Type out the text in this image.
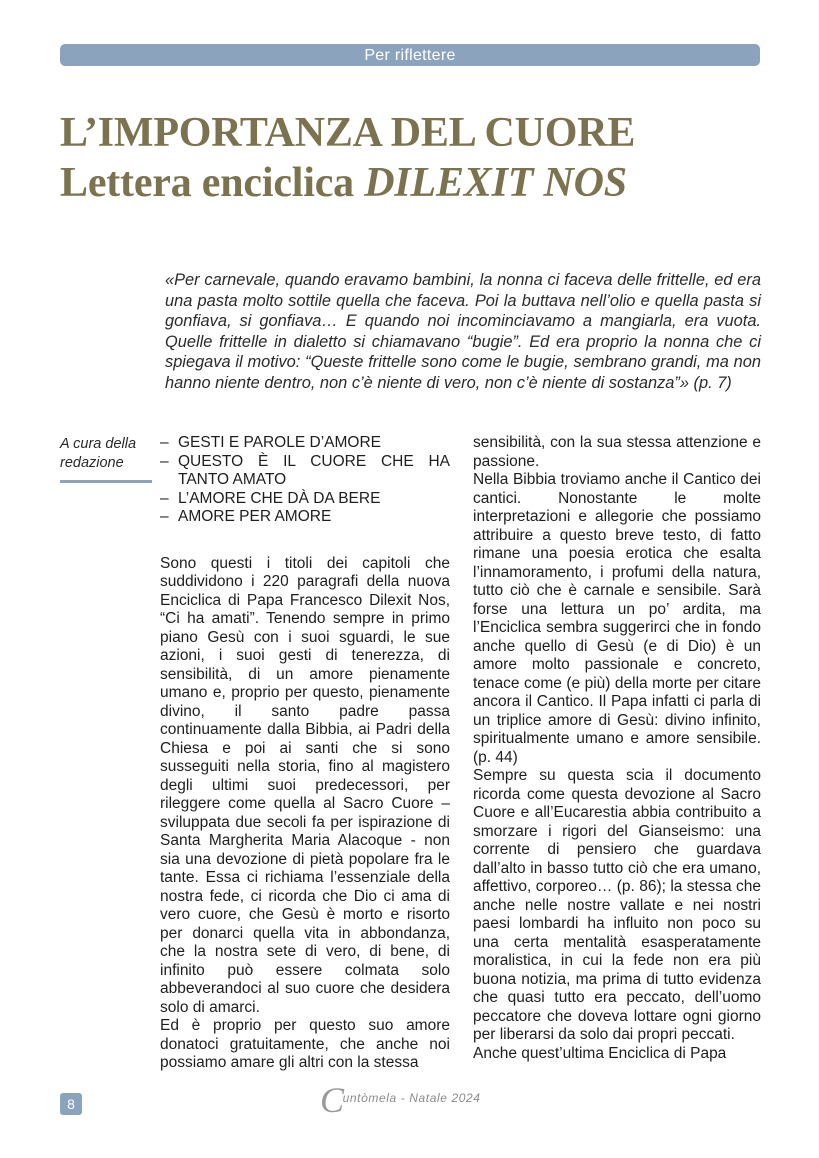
Per riflettere
L’IMPORTANZA DEL CUORE
Lettera enciclica DILEXIT NOS

«Per carnevale, quando eravamo bambini, la nonna ci faceva delle frittelle, ed era una pasta molto sottile quella che faceva. Poi la buttava nell’olio e quella pasta si gonfiava, si gonfiava… E quando noi incominciavamo a mangiarla, era vuota. Quelle frittelle in dialetto si chiamavano “bugie”. Ed era proprio la nonna che ci spiegava il motivo: “Queste frittelle sono come le bugie, sembrano grandi, ma non hanno niente dentro, non c’è niente di vero, non c’è niente di sostanza”» (p. 7)

A cura della
redazione
– GESTI E PAROLE D’AMORE
– QUESTO È IL CUORE CHE HA TANTO AMATO
– L’AMORE CHE DÀ DA BERE
– AMORE PER AMORE

Sono questi i titoli dei capitoli che suddividono i 220 paragrafi della nuova Enciclica di Papa Francesco Dilexit Nos, “Ci ha amati”. Tenendo sempre in primo piano Gesù con i suoi sguardi, le sue azioni, i suoi gesti di tenerezza, di sensibilità, di un amore pienamente umano e, proprio per questo, pienamente divino, il santo padre passa continuamente dalla Bibbia, ai Padri della Chiesa e poi ai santi che si sono susseguiti nella storia, fino al magistero degli ultimi suoi predecessori, per rileggere come quella al Sacro Cuore – sviluppata due secoli fa per ispirazione di Santa Margherita Maria Alacoque - non sia una devozione di pietà popolare fra le tante. Essa ci richiama l’essenziale della nostra fede, ci ricorda che Dio ci ama di vero cuore, che Gesù è morto e risorto per donarci quella vita in abbondanza, che la nostra sete di vero, di bene, di infinito può essere colmata solo abbeverandoci al suo cuore che desidera solo di amarci.

Ed è proprio per questo suo amore donatoci gratuitamente, che anche noi possiamo amare gli altri con la stessa

sensibilità, con la sua stessa attenzione e passione.

Nella Bibbia troviamo anche il Cantico dei cantici. Nonostante le molte interpretazioni e allegorie che possiamo attribuire a questo breve testo, di fatto rimane una poesia erotica che esalta l’innamoramento, i profumi della natura, tutto ciò che è carnale e sensibile. Sarà forse una lettura un po’ ardita, ma l’Enciclica sembra suggerirci che in fondo anche quello di Gesù (e di Dio) è un amore molto passionale e concreto, tenace come (e più) della morte per citare ancora il Cantico. Il Papa infatti ci parla di un triplice amore di Gesù: divino infinito, spiritualmente umano e amore sensibile. (p. 44)

Sempre su questa scia il documento ricorda come questa devozione al Sacro Cuore e all’Eucarestia abbia contribuito a smorzare i rigori del Gianseismo: una corrente di pensiero che guardava dall’alto in basso tutto ciò che era umano, affettivo, corporeo… (p. 86); la stessa che anche nelle nostre vallate e nei nostri paesi lombardi ha influito non poco su una certa mentalità esasperatamente moralistica, in cui la fede non era più buona notizia, ma prima di tutto evidenza che quasi tutto era peccato, dell’uomo peccatore che doveva lottare ogni giorno per liberarsi da solo dai propri peccati.

Anche quest’ultima Enciclica di Papa

8	Cuntòmela - Natale 2024
